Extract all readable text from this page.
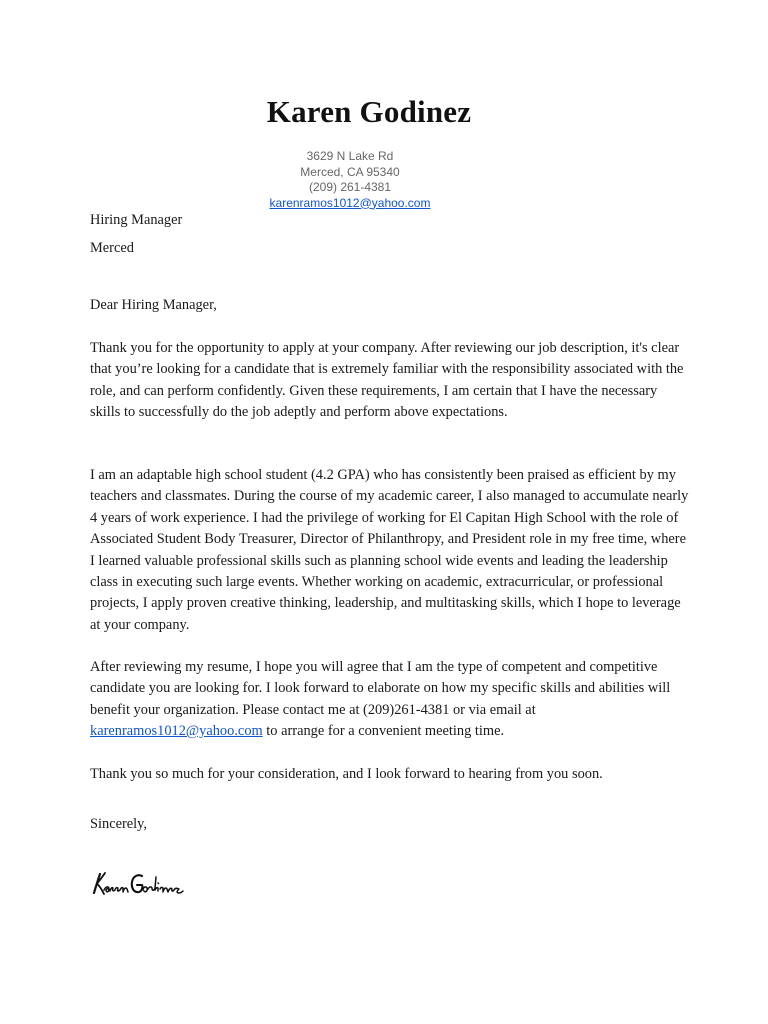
Karen Godinez
3629 N Lake Rd
Merced, CA 95340
(209) 261-4381
karenramos1012@yahoo.com
Hiring Manager
Merced
Dear Hiring Manager,

Thank you for the opportunity to apply at your company. After reviewing our job description, it's clear that you’re looking for a candidate that is extremely familiar with the responsibility associated with the role, and can perform confidently. Given these requirements, I am certain that I have the necessary skills to successfully do the job adeptly and perform above expectations.

I am an adaptable high school student (4.2 GPA) who has consistently been praised as efficient by my teachers and classmates. During the course of my academic career, I also managed to accumulate nearly 4 years of work experience. I had the privilege of working for El Capitan High School with the role of Associated Student Body Treasurer, Director of Philanthropy, and President role in my free time, where I learned valuable professional skills such as planning school wide events and leading the leadership class in executing such large events. Whether working on academic, extracurricular, or professional projects, I apply proven creative thinking, leadership, and multitasking skills, which I hope to leverage at your company.

After reviewing my resume, I hope you will agree that I am the type of competent and competitive candidate you are looking for. I look forward to elaborate on how my specific skills and abilities will benefit your organization. Please contact me at (209)261-4381 or via email at karenramos1012@yahoo.com to arrange for a convenient meeting time.

Thank you so much for your consideration, and I look forward to hearing from you soon.
Sincerely,
